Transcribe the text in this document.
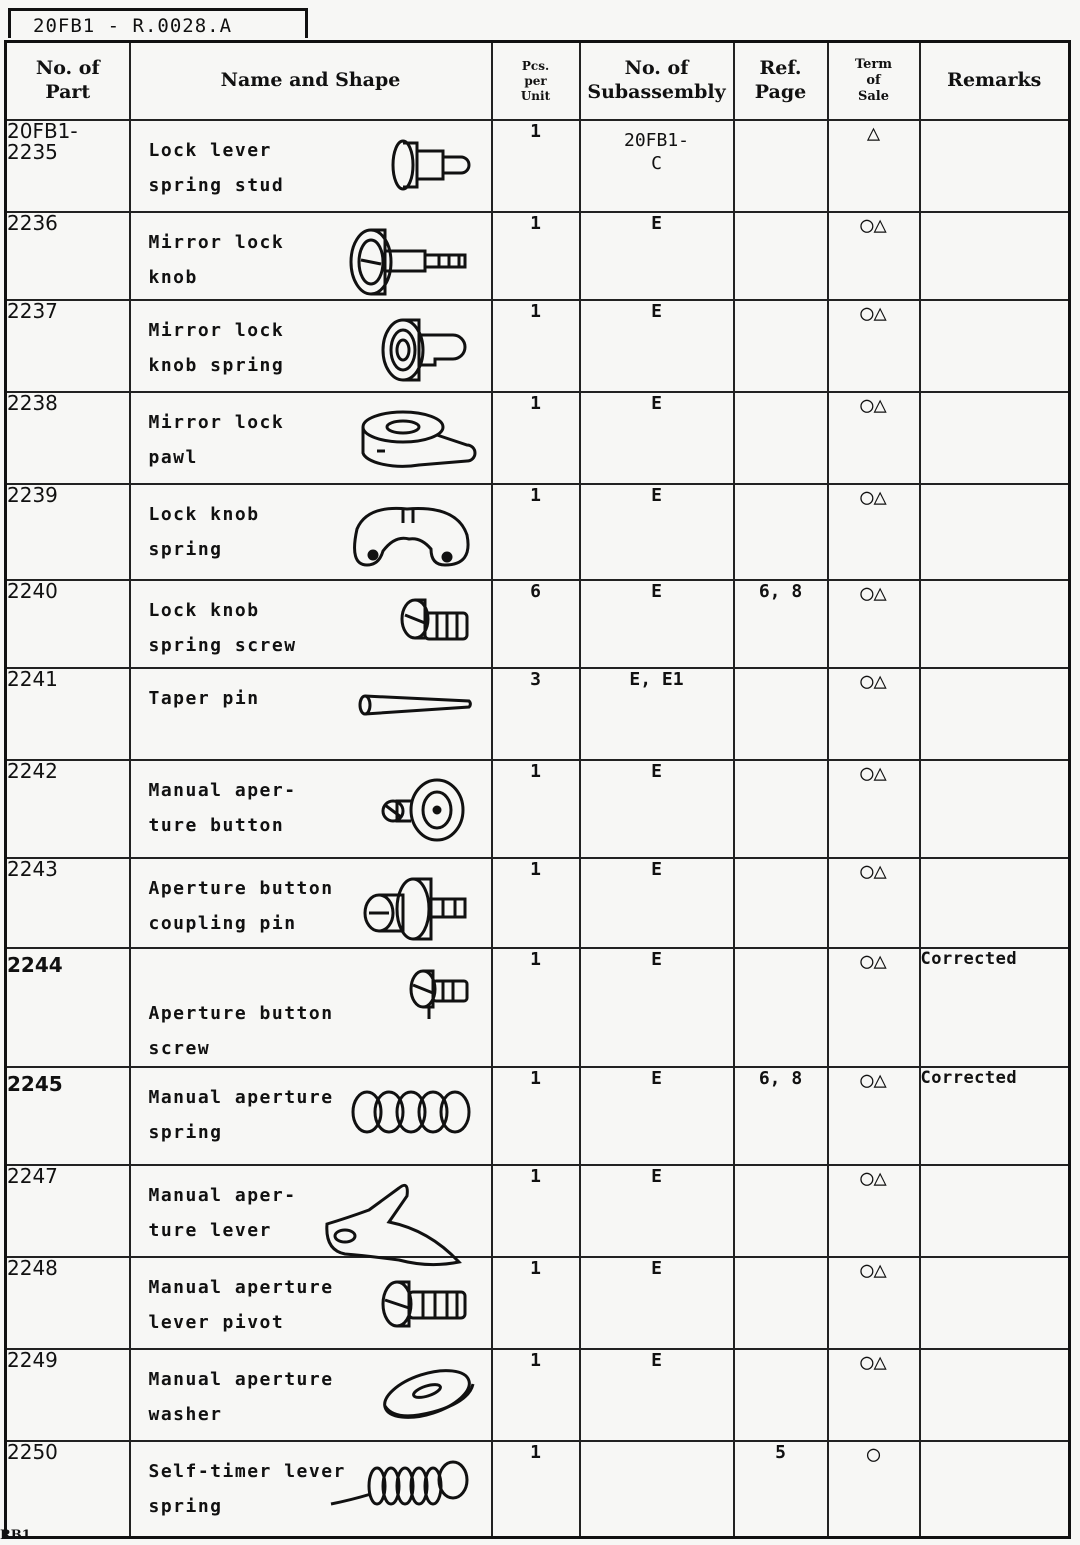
20FB1 - R.0028.A
No. of
Part	Name and Shape	Pcs.
per
Unit	No. of
Subassembly	Ref.
Page	Term
of
Sale	Remarks
20FB1-
2235	Lock lever
spring stud	1	20FB1-
C		△	
2236	Mirror lock
knob	1	E		○△	
2237	Mirror lock
knob spring	1	E		○△	
2238	Mirror lock
pawl	1	E		○△	
2239	Lock knob
spring	1	E		○△	
2240	Lock knob
spring screw	6	E	6, 8	○△	
2241	Taper pin	3	E, E1		○△	
2242	Manual aper-
ture button	1	E		○△	
2243	Aperture button
coupling pin	1	E		○△	
2244	
Aperture button
screw	1	E		○△	Corrected
2245	Manual aperture
spring	1	E	6, 8	○△	Corrected
2247	Manual aper-
ture lever	1	E		○△	
2248	Manual aperture
lever pivot	1	E		○△	
2249	Manual aperture
washer	1	E		○△	
2250	Self-timer lever
spring	1		5	○	
RB1
